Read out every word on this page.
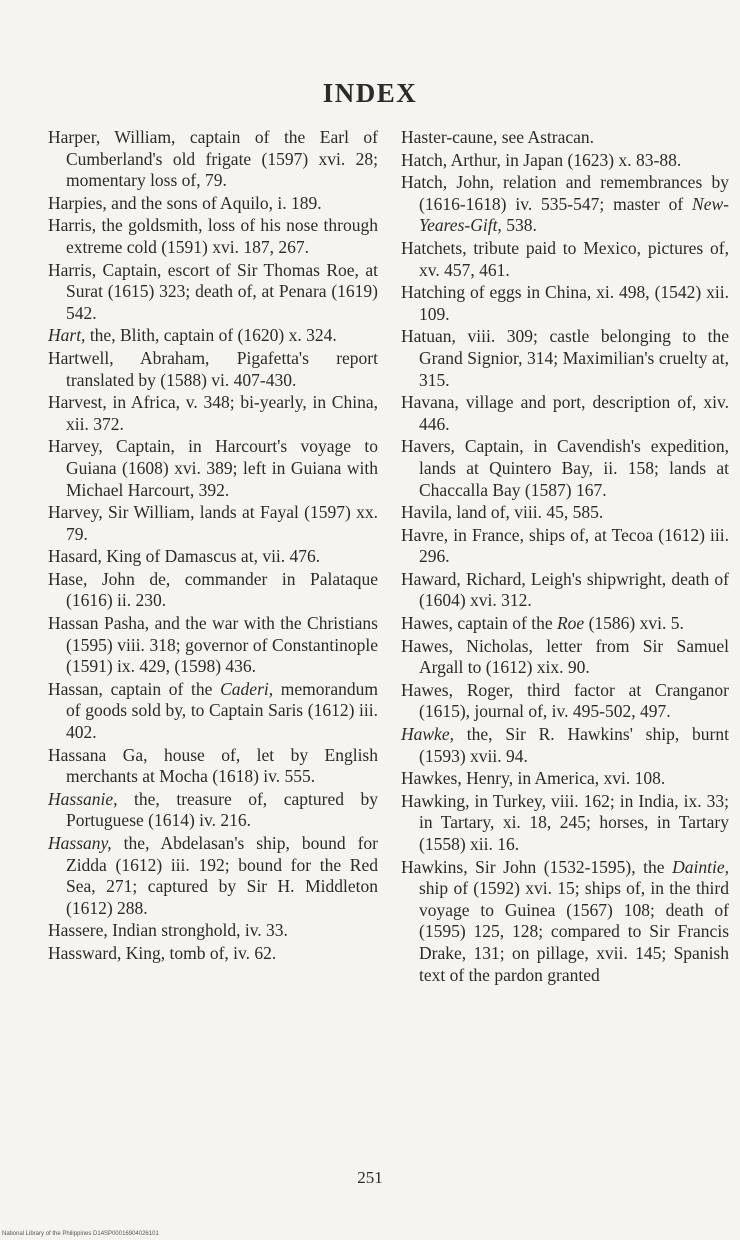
INDEX
Harper, William, captain of the Earl of Cumberland's old frigate (1597) xvi. 28; momentary loss of, 79.
Harpies, and the sons of Aquilo, i. 189.
Harris, the goldsmith, loss of his nose through extreme cold (1591) xvi. 187, 267.
Harris, Captain, escort of Sir Thomas Roe, at Surat (1615) 323; death of, at Penara (1619) 542.
Hart, the, Blith, captain of (1620) x. 324.
Hartwell, Abraham, Pigafetta's report translated by (1588) vi. 407-430.
Harvest, in Africa, v. 348; bi-yearly, in China, xii. 372.
Harvey, Captain, in Harcourt's voyage to Guiana (1608) xvi. 389; left in Guiana with Michael Harcourt, 392.
Harvey, Sir William, lands at Fayal (1597) xx. 79.
Hasard, King of Damascus at, vii. 476.
Hase, John de, commander in Palataque (1616) ii. 230.
Hassan Pasha, and the war with the Christians (1595) viii. 318; governor of Constantinople (1591) ix. 429, (1598) 436.
Hassan, captain of the Caderi, memorandum of goods sold by, to Captain Saris (1612) iii. 402.
Hassana Ga, house of, let by English merchants at Mocha (1618) iv. 555.
Hassanie, the, treasure of, captured by Portuguese (1614) iv. 216.
Hassany, the, Abdelasan's ship, bound for Zidda (1612) iii. 192; bound for the Red Sea, 271; captured by Sir H. Middleton (1612) 288.
Hassere, Indian stronghold, iv. 33.
Hassward, King, tomb of, iv. 62.
Haster-caune, see Astracan.
Hatch, Arthur, in Japan (1623) x. 83-88.
Hatch, John, relation and remembrances by (1616-1618) iv. 535-547; master of New-Yeares-Gift, 538.
Hatchets, tribute paid to Mexico, pictures of, xv. 457, 461.
Hatching of eggs in China, xi. 498, (1542) xii. 109.
Hatuan, viii. 309; castle belonging to the Grand Signior, 314; Maximilian's cruelty at, 315.
Havana, village and port, description of, xiv. 446.
Havers, Captain, in Cavendish's expedition, lands at Quintero Bay, ii. 158; lands at Chaccalla Bay (1587) 167.
Havila, land of, viii. 45, 585.
Havre, in France, ships of, at Tecoa (1612) iii. 296.
Haward, Richard, Leigh's shipwright, death of (1604) xvi. 312.
Hawes, captain of the Roe (1586) xvi. 5.
Hawes, Nicholas, letter from Sir Samuel Argall to (1612) xix. 90.
Hawes, Roger, third factor at Cranganor (1615), journal of, iv. 495-502, 497.
Hawke, the, Sir R. Hawkins' ship, burnt (1593) xvii. 94.
Hawkes, Henry, in America, xvi. 108.
Hawking, in Turkey, viii. 162; in India, ix. 33; in Tartary, xi. 18, 245; horses, in Tartary (1558) xii. 16.
Hawkins, Sir John (1532-1595), the Daintie, ship of (1592) xvi. 15; ships of, in the third voyage to Guinea (1567) 108; death of (1595) 125, 128; compared to Sir Francis Drake, 131; on pillage, xvii. 145; Spanish text of the pardon granted
251
National Library of the Philippines D14SP00016904026101
